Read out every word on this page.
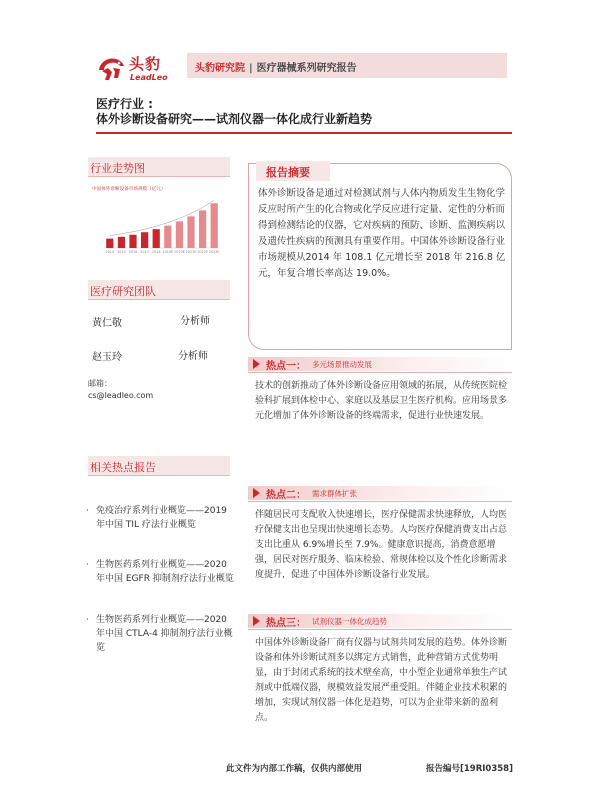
头豹
LeadLeo
头豹研究院 | 医疗器械系列研究报告
医疗行业 :
体外诊断设备研究——试剂仪器一体化成行业新趋势
行业走势图
中国体外诊断设备市场规模（亿元）
2014 2015 2016 2017 2018 2019E 2020E 2021E 2022E 2023E
医疗研究团队
黄仁敬	分析师
赵玉玲	分析师
邮箱：
cs@leadleo.com
相关热点报告
· 免疫治疗系列行业概览——2019 年中国 TIL 疗法行业概览
· 生物医药系列行业概览——2020 年中国 EGFR 抑制剂疗法行业概览
· 生物医药系列行业概览——2020 年中国 CTLA-4 抑制剂疗法行业概览
报告摘要
体外诊断设备是通过对检测试剂与人体内物质发生生物化学反应时所产生的化合物或化学反应进行定量、定性的分析而得到检测结论的仪器，它对疾病的预防、诊断、监测疾病以及遗传性疾病的预测具有重要作用。中国体外诊断设备行业市场规模从2014 年 108.1 亿元增长至 2018 年 216.8 亿元，年复合增长率高达 19.0%。
热点一： 多元场景推动发展
技术的创新推动了体外诊断设备应用领域的拓展，从传统医院检验科扩展到体检中心、家庭以及基层卫生医疗机构。应用场景多元化增加了体外诊断设备的终端需求，促进行业快速发展。
热点二： 需求群体扩张
伴随居民可支配收入快速增长，医疗保健需求快速释放，人均医疗保健支出也呈现出快速增长态势。人均医疗保健消费支出占总支出比重从 6.9%增长至 7.9%。健康意识提高，消费意愿增强，居民对医疗服务、临床检验、常规体检以及个性化诊断需求度提升，促进了中国体外诊断设备行业发展。
热点三： 试剂仪器一体化成趋势
中国体外诊断设备厂商有仪器与试剂共同发展的趋势。体外诊断设备和体外诊断试剂多以绑定方式销售，此种营销方式优势明显，由于封闭式系统的技术壁垒高，中小型企业通常单独生产试剂或中低端仪器，规模效益发展严重受阻。伴随企业技术积累的增加，实现试剂仪器一体化是趋势，可以为企业带来新的盈利点。
此文件为内部工作稿，仅供内部使用	报告编号[19RI0358]
